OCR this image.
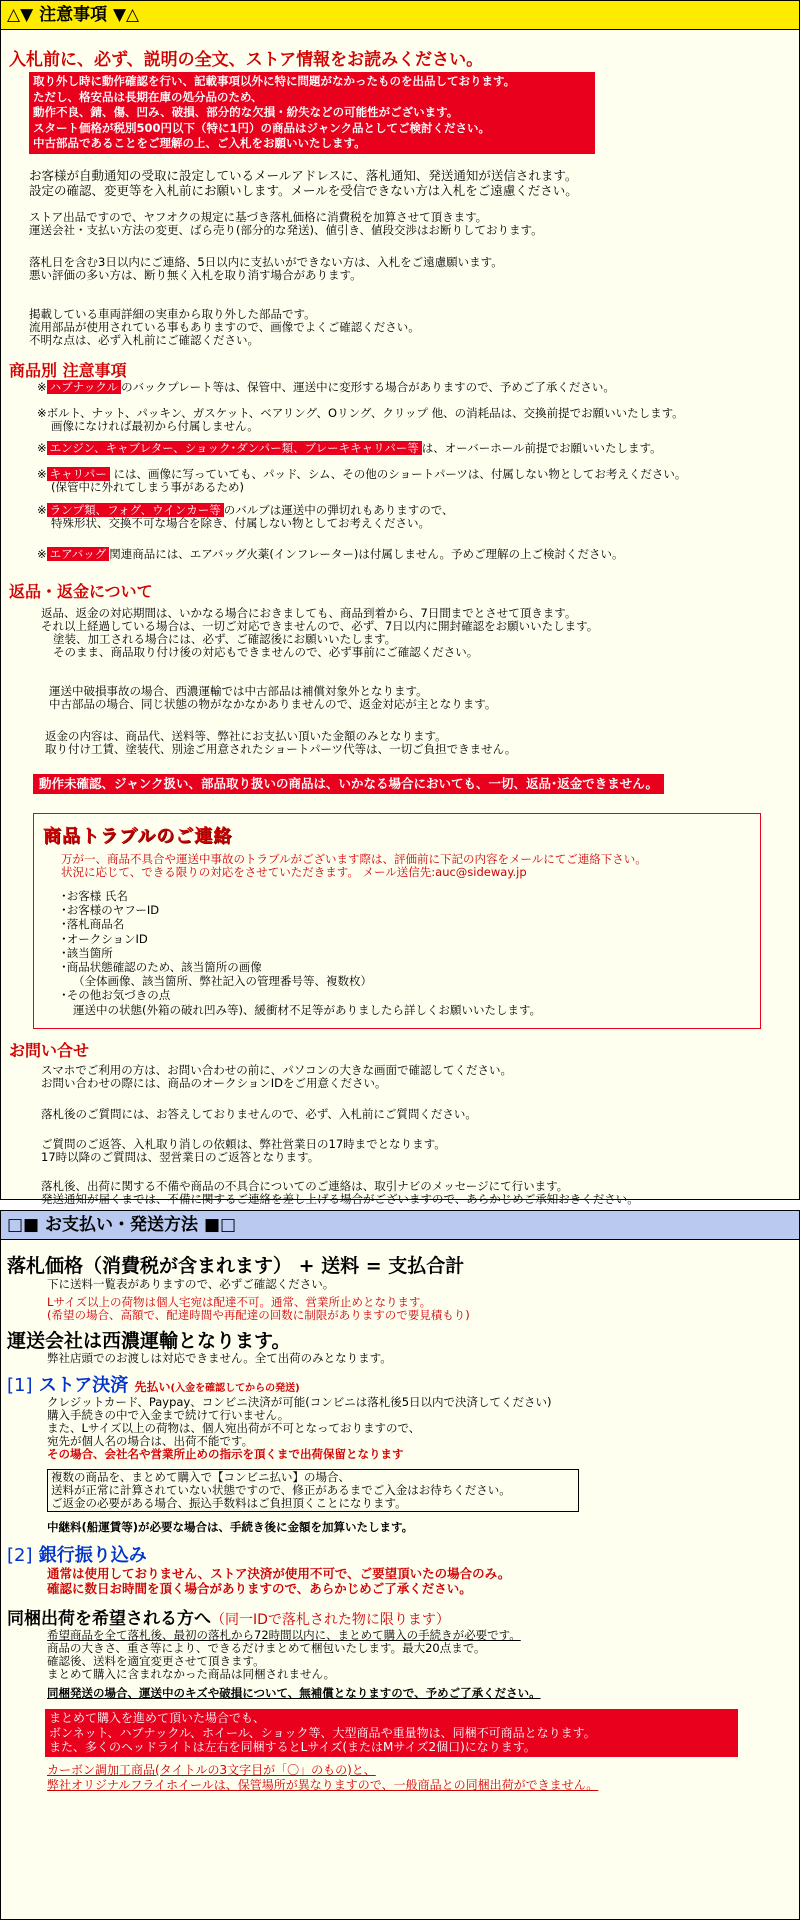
△▼ 注意事項 ▼△
入札前に、必ず、説明の全文、ストア情報をお読みください。
取り外し時に動作確認を行い、記載事項以外に特に問題がなかったものを出品しております。
ただし、格安品は長期在庫の処分品のため、
動作不良、錆、傷、凹み、破損、部分的な欠損・紛失などの可能性がございます。
スタート価格が税別500円以下（特に1円）の商品はジャンク品としてご検討ください。
中古部品であることをご理解の上、ご入札をお願いいたします。
お客様が自動通知の受取に設定しているメールアドレスに、落札通知、発送通知が送信されます。
設定の確認、変更等を入札前にお願いします。メールを受信できない方は入札をご遠慮ください。
ストア出品ですので、ヤフオクの規定に基づき落札価格に消費税を加算させて頂きます。
運送会社・支払い方法の変更、ばら売り(部分的な発送)、値引き、値段交渉はお断りしております。
落札日を含む3日以内にご連絡、5日以内に支払いができない方は、入札をご遠慮願います。
悪い評価の多い方は、断り無く入札を取り消す場合があります。
掲載している車両詳細の実車から取り外した部品です。
流用部品が使用されている事もありますので、画像でよくご確認ください。
不明な点は、必ず入札前にご確認ください。
商品別 注意事項
※ ハブナックル のバックプレート等は、保管中、運送中に変形する場合がありますので、予めご了承ください。
※ボルト、ナット、パッキン、ガスケット、ベアリング、Oリング、クリップ 他、の消耗品は、交換前提でお願いいたします。
画像になければ最初から付属しません。
※ エンジン、キャブレター、ショック･ダンパー類、ブレーキキャリパー等 は、オーバーホール前提でお願いいたします。
※ キャリパー には、画像に写っていても、パッド、シム、その他のショートパーツは、付属しない物としてお考えください。
(保管中に外れてしまう事があるため)
※ ランプ類、フォグ、ウインカー等 のバルブは運送中の弾切れもありますので、
特殊形状、交換不可な場合を除き、付属しない物としてお考えください。
※ エアバッグ 関連商品には、エアバッグ火薬(インフレーター)は付属しません。予めご理解の上ご検討ください。
返品・返金について
返品、返金の対応期間は、いかなる場合におきましても、商品到着から、7日間までとさせて頂きます。
それ以上経過している場合は、一切ご対応できませんので、必ず、7日以内に開封確認をお願いいたします。
塗装、加工される場合には、必ず、ご確認後にお願いいたします。
そのまま、商品取り付け後の対応もできませんので、必ず事前にご確認ください。
運送中破損事故の場合、西濃運輸では中古部品は補償対象外となります。
中古部品の場合、同じ状態の物がなかなかありませんので、返金対応が主となります。
返金の内容は、商品代、送料等、弊社にお支払い頂いた金額のみとなります。
取り付け工賃、塗装代、別途ご用意されたショートパーツ代等は、一切ご負担できません。
動作未確認、ジャンク扱い、部品取り扱いの商品は、いかなる場合においても、一切、返品･返金できません。
商品トラブルのご連絡
万が一、商品不具合や運送中事故のトラブルがございます際は、評価前に下記の内容をメールにてご連絡下さい。
状況に応じて、できる限りの対応をさせていただきます。 メール送信先:auc@sideway.jp
･お客様 氏名
･お客様のヤフーID
･落札商品名
･オークションID
･該当箇所
･商品状態確認のため、該当箇所の画像
（全体画像、該当箇所、弊社記入の管理番号等、複数枚）
･その他お気づきの点
運送中の状態(外箱の破れ凹み等)、緩衝材不足等がありましたら詳しくお願いいたします。
お問い合せ
スマホでご利用の方は、お問い合わせの前に、パソコンの大きな画面で確認してください。
お問い合わせの際には、商品のオークションIDをご用意ください。
落札後のご質問には、お答えしておりませんので、必ず、入札前にご質問ください。
ご質問のご返答、入札取り消しの依頼は、弊社営業日の17時までとなります。
17時以降のご質問は、翌営業日のご返答となります。
落札後、出荷に関する不備や商品の不具合についてのご連絡は、取引ナビのメッセージにて行います。
発送通知が届くまでは、不備に関するご連絡を差し上げる場合がございますので、あらかじめご承知おきください。
□■ お支払い・発送方法 ■□
落札価格（消費税が含まれます） + 送料 = 支払合計
下に送料一覧表がありますので、必ずご確認ください。
Lサイズ以上の荷物は個人宅宛は配達不可。通常、営業所止めとなります。
(希望の場合、高額で、配達時間や再配達の回数に制限がありますので要見積もり)
運送会社は西濃運輸となります。
弊社店頭でのお渡しは対応できません。全て出荷のみとなります。
[1] ストア決済 先払い(入金を確認してからの発送)
クレジットカード、Paypay、コンビニ決済が可能(コンビニは落札後5日以内で決済してください)
購入手続きの中で入金まで続けて行いません。
また、Lサイズ以上の荷物は、個人宛出荷が不可となっておりますので、
宛先が個人名の場合は、出荷不能です。
その場合、会社名や営業所止めの指示を頂くまで出荷保留となります
複数の商品を、まとめて購入で【コンビニ払い】の場合、
送料が正常に計算されていない状態ですので、修正があるまでご入金はお待ちください。
ご返金の必要がある場合、振込手数料はご負担頂くことになります。
中継料(船運賃等)が必要な場合は、手続き後に金額を加算いたします。
[2] 銀行振り込み
通常は使用しておりません、ストア決済が使用不可で、ご要望頂いたの場合のみ。
確認に数日お時間を頂く場合がありますので、あらかじめご了承ください。
同梱出荷を希望される方へ（同一IDで落札された物に限ります）
希望商品を全て落札後、最初の落札から72時間以内に、まとめて購入の手続きが必要です。
商品の大きさ、重さ等により、できるだけまとめて梱包いたします。最大20点まで。
確認後、送料を適宜変更させて頂きます。
まとめて購入に含まれなかった商品は同梱されません。
同梱発送の場合、運送中のキズや破損について、無補償となりますので、予めご了承ください。
まとめて購入を進めて頂いた場合でも、
ボンネット、ハブナックル、ホイール、ショック等、大型商品や重量物は、同梱不可商品となります。
また、多くのヘッドライトは左右を同梱するとLサイズ(またはMサイズ2個口)になります。
カーボン調加工商品(タイトルの3文字目が「〇」のもの)と、
弊社オリジナルフライホイールは、保管場所が異なりますので、一般商品との同梱出荷ができません。
